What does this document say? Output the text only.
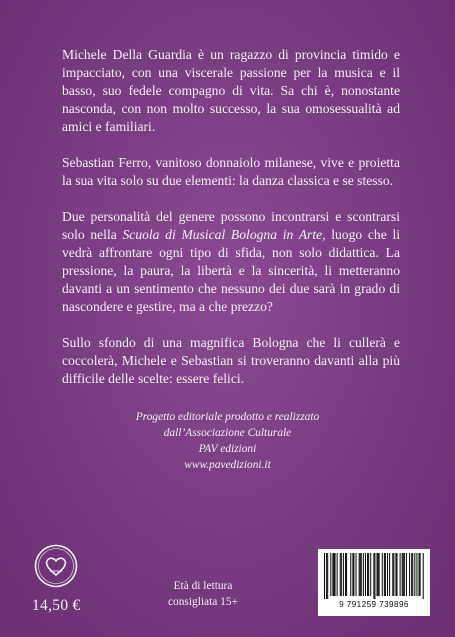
Michele Della Guardia è un ragazzo di provincia timido e impacciato, con una viscerale passione per la musica e il basso, suo fedele compagno di vita. Sa chi è, nonostante nasconda, con non molto successo, la sua omosessualità ad amici e familiari.

Sebastian Ferro, vanitoso donnaiolo milanese, vive e proietta la sua vita solo su due elementi: la danza classica e se stesso.

Due personalità del genere possono incontrarsi e scontrarsi solo nella Scuola di Musical Bologna in Arte, luogo che li vedrà affrontare ogni tipo di sfida, non solo didattica. La pressione, la paura, la libertà e la sincerità, li metteranno davanti a un sentimento che nessuno dei due sarà in grado di nascondere e gestire, ma a che prezzo?

Sullo sfondo di una magnifica Bologna che li cullerà e coccolerà, Michele e Sebastian si troveranno davanti alla più difficile delle scelte: essere felici.

Progetto editoriale prodotto e realizzato
dall’Associazione Culturale
PAV edizioni
www.pavedizioni.it
14,50 €
Età di lettura
consigliata 15+	9 791259 739896
